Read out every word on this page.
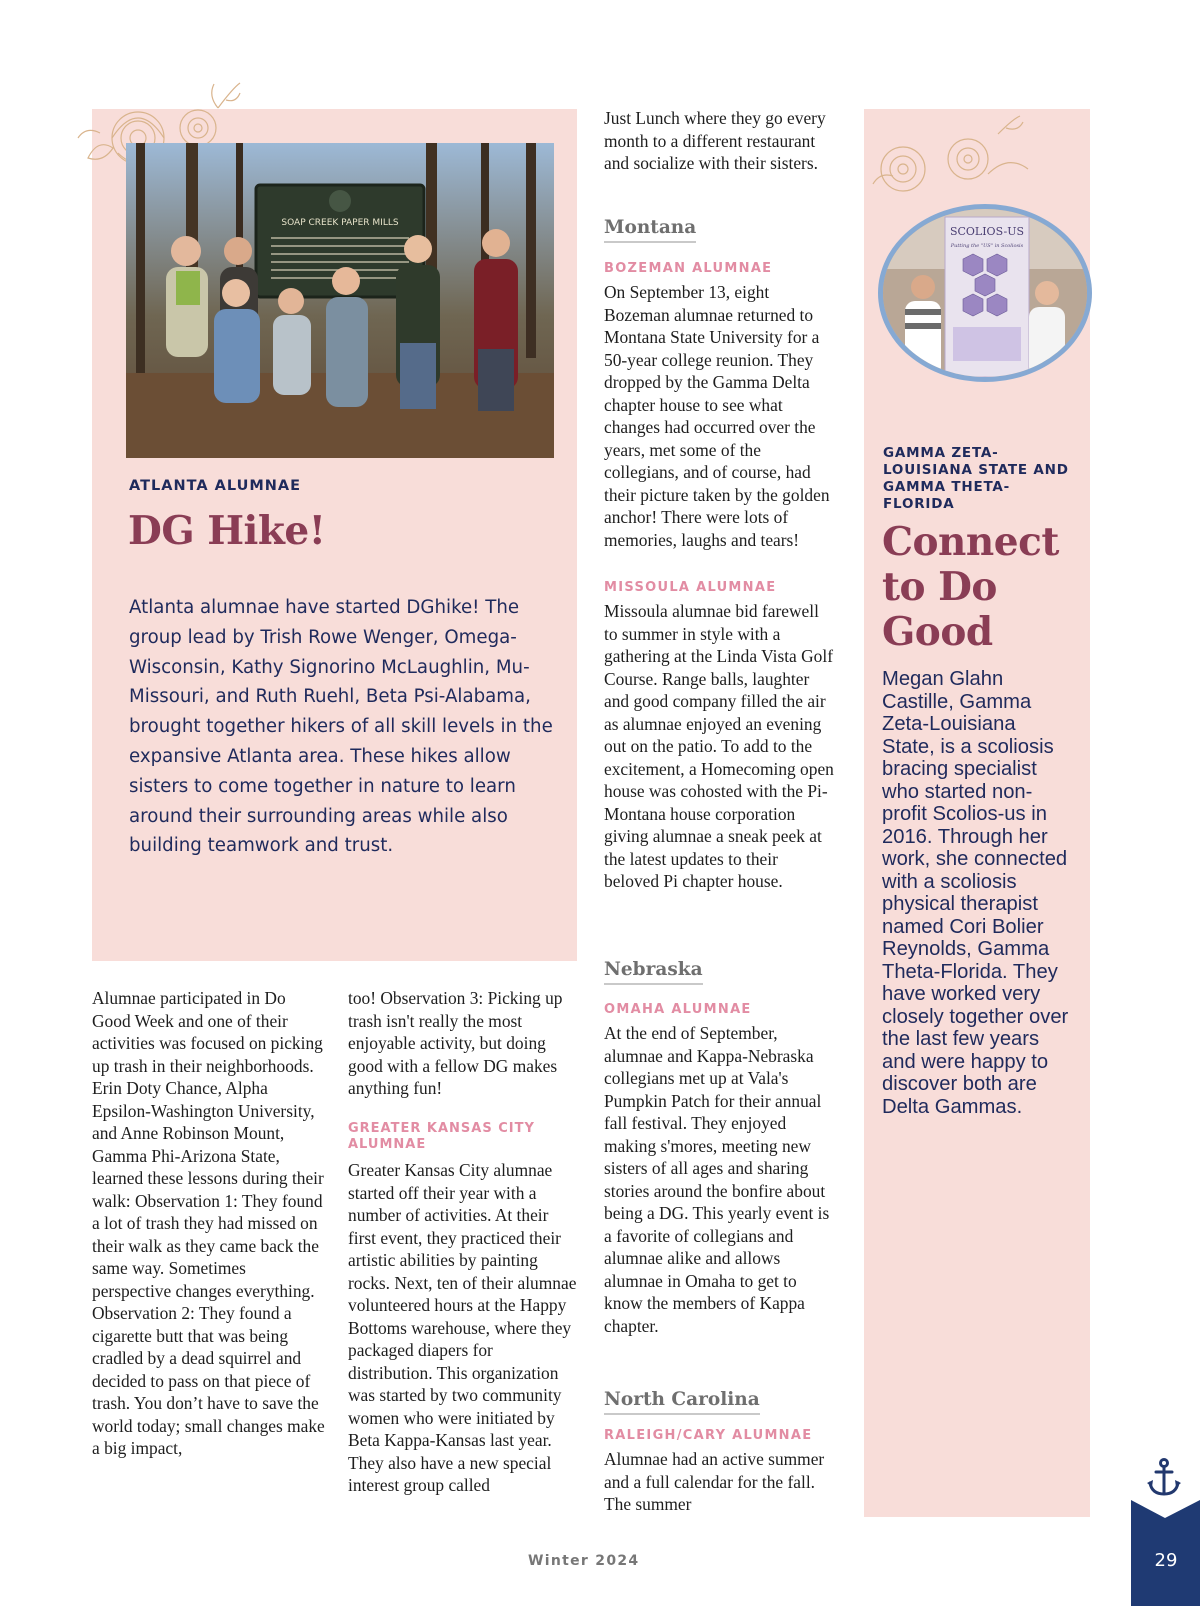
SOAP CREEK PAPER MILLS
ATLANTA ALUMNAE
DG Hike!

Atlanta alumnae have started DGhike! The group lead by Trish Rowe Wenger, Omega-Wisconsin, Kathy Signorino McLaughlin, Mu-Missouri, and Ruth Ruehl, Beta Psi-Alabama, brought together hikers of all skill levels in the expansive Atlanta area. These hikes allow sisters to come together in nature to learn around their surrounding areas while also building teamwork and trust.

Alumnae participated in Do Good Week and one of their activities was focused on picking up trash in their neighborhoods. Erin Doty Chance, Alpha Epsilon-Washington University, and Anne Robinson Mount, Gamma Phi-Arizona State, learned these lessons during their walk: Observation 1: They found a lot of trash they had missed on their walk as they came back the same way. Sometimes perspective changes everything. Observation 2: They found a cigarette butt that was being cradled by a dead squirrel and decided to pass on that piece of trash. You don’t have to save the world today; small changes make a big impact,

too! Observation 3: Picking up trash isn't really the most enjoyable activity, but doing good with a fellow DG makes anything fun!

GREATER KANSAS CITY ALUMNAE

Greater Kansas City alumnae started off their year with a number of activities. At their first event, they practiced their artistic abilities by painting rocks. Next, ten of their alumnae volunteered hours at the Happy Bottoms warehouse, where they packaged diapers for distribution. This organization was started by two community women who were initiated by Beta Kappa-Kansas last year. They also have a new special interest group called

Just Lunch where they go every month to a different restaurant and socialize with their sisters.

Montana
BOZEMAN ALUMNAE

On September 13, eight Bozeman alumnae returned to Montana State University for a 50-year college reunion. They dropped by the Gamma Delta chapter house to see what changes had occurred over the years, met some of the collegians, and of course, had their picture taken by the golden anchor! There were lots of memories, laughs and tears!

MISSOULA ALUMNAE

Missoula alumnae bid farewell to summer in style with a gathering at the Linda Vista Golf Course. Range balls, laughter and good company filled the air as alumnae enjoyed an evening out on the patio. To add to the excitement, a Homecoming open house was cohosted with the Pi-Montana house corporation giving alumnae a sneak peek at the latest updates to their beloved Pi chapter house.

Nebraska
OMAHA ALUMNAE

At the end of September, alumnae and Kappa-Nebraska collegians met up at Vala's Pumpkin Patch for their annual fall festival. They enjoyed making s'mores, meeting new sisters of all ages and sharing stories around the bonfire about being a DG. This yearly event is a favorite of collegians and alumnae alike and allows alumnae in Omaha to get to know the members of Kappa chapter.

North Carolina
RALEIGH/CARY ALUMNAE

Alumnae had an active summer and a full calendar for the fall. The summer

SCOLIOS-US
Putting the "US" in Scoliosis
GAMMA ZETA-LOUISIANA STATE AND GAMMA THETA-FLORIDA
Connect to Do Good

Megan Glahn Castille, Gamma Zeta-Louisiana State, is a scoliosis bracing specialist who started non-profit Scolios-us in 2016. Through her work, she connected with a scoliosis physical therapist named Cori Bolier Reynolds, Gamma Theta-Florida. They have worked very closely together over the last few years and were happy to discover both are Delta Gammas.

Winter 2024	29
